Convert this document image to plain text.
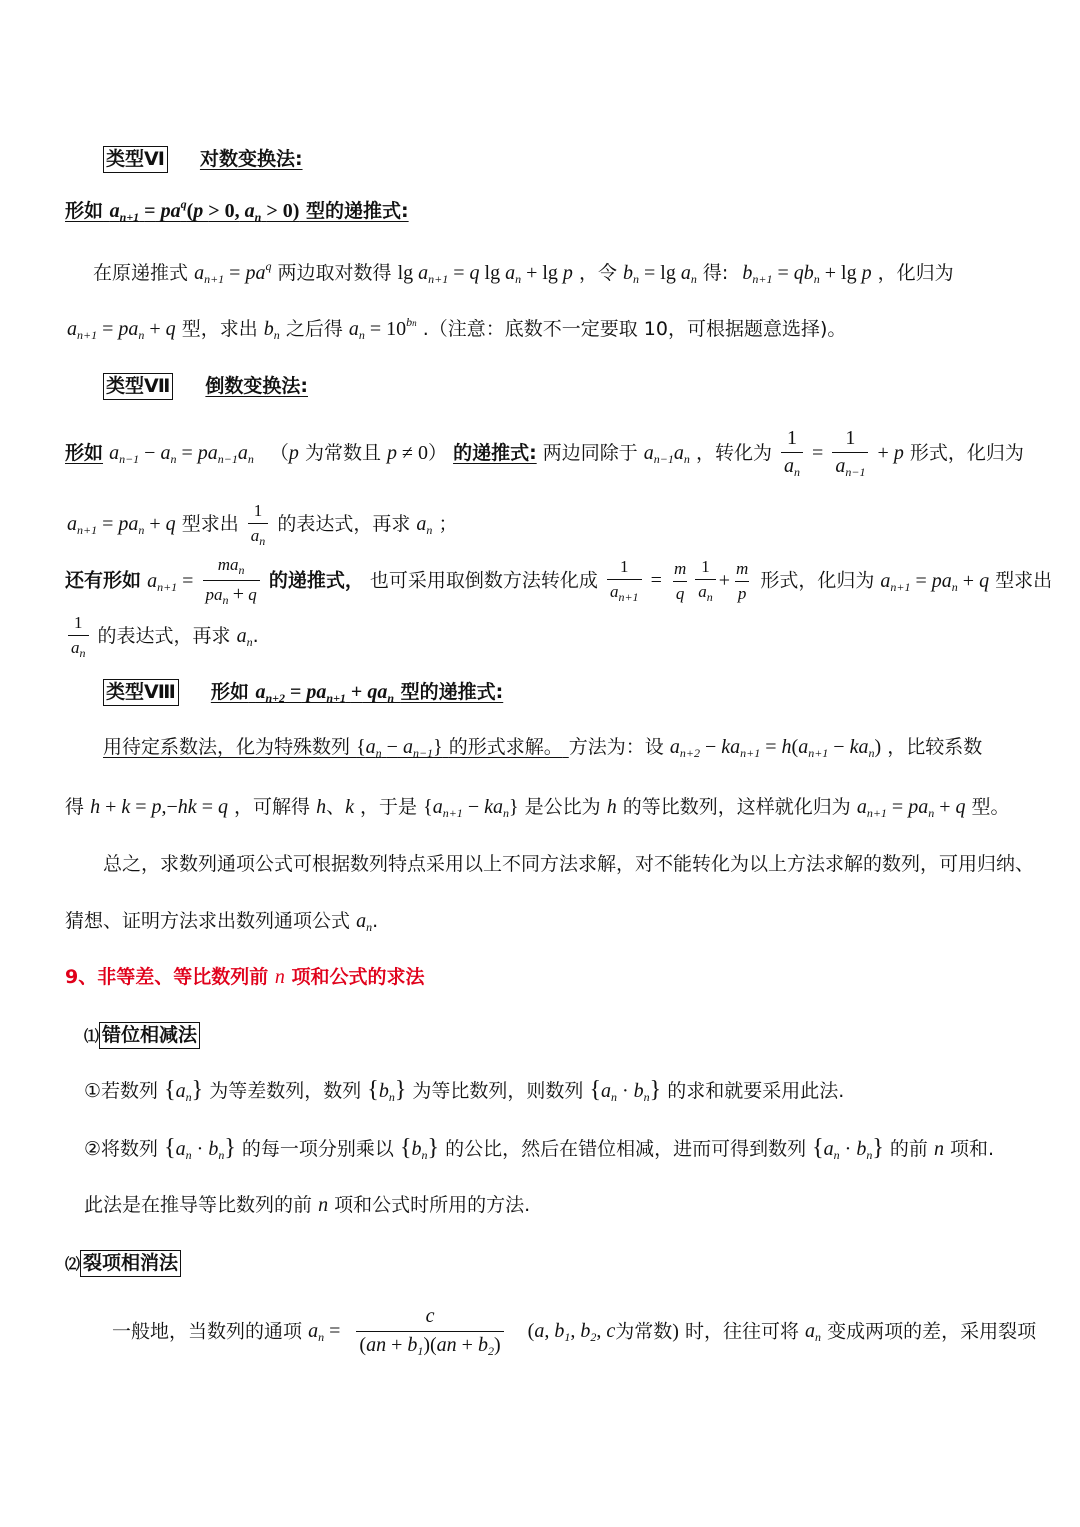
类型Ⅵ 对数变换法:
形如 $a_{n+1} = pa^q(p > 0$, $a_n > 0$) 型的递推式:
在原递推式 $a_{n+1} = pa^q$ 两边取对数得 $\lg a_{n+1} = q$ $\lg a_n + \lg p$ ，令 $b_n = \lg a_n$ 得: $b_{n+1} = qb_n + \lg p$ ，化归为
$a_{n+1} = pa_n + q$ 型，求出 $b_n$ 之后得 $a_n = 10^{bn}$ .（注意：底数不一定要取 10，可根据题意选择)。
类型Ⅶ 倒数变换法:
形如 $a_{n-1} - a_n = pa_{n-1}a_n$ （p 为常数且 p ≠ 0） 的递推式: 两边同除于 $a_{n-1}a_n$ ，转化为 $\frac{1}{a_n} = \frac{1}{a_{n-1}} + p$ 形式，化归为
$a_{n+1} = pa_n + q$ 型求出 $\frac{1}{a_n}$ 的表达式，再求 $a_n$ ；
还有形如 $a_{n+1} = \frac{ma_n}{pa_n + q}$ 的递推式， 也可采用取倒数方法转化成 $\frac{1}{a_{n+1}} = \frac{m}{q} \frac{1}{a_n} + \frac{m}{p}$ 形式，化归为 $a_{n+1} = pa_n + q$ 型求出
$\frac{1}{a_n}$ 的表达式，再求 $a_n$.
类型Ⅷ 形如 $a_{n+2} = pa_{n+1} + qa_n$ 型的递推式:
用待定系数法，化为特殊数列 $\{a_n - a_{n-1}\}$ 的形式求解。 方法为：设 $a_{n+2} - ka_{n+1} = h(a_{n+1} - ka_n)$ ，比较系数
得 h + k = p,−hk = q ，可解得 h、k ，于是 $\{a_{n+1} - ka_n\}$ 是公比为 h 的等比数列，这样就化归为 $a_{n+1} = pa_n + q$ 型。
总之，求数列通项公式可根据数列特点采用以上不同方法求解，对不能转化为以上方法求解的数列，可用归纳、
猜想、证明方法求出数列通项公式 $a_n$.
9、非等差、等比数列前 n 项和公式的求法
⑴ 错位相减法
①若数列 $\{a_n\}$ 为等差数列，数列 $\{b_n\}$ 为等比数列，则数列 $\{a_n \cdot b_n\}$ 的求和就要采用此法.
②将数列 $\{a_n \cdot b_n\}$ 的每一项分别乘以 $\{b_n\}$ 的公比，然后在错位相减，进而可得到数列 $\{a_n \cdot b_n\}$ 的前 n 项和.
此法是在推导等比数列的前 n 项和公式时所用的方法.
⑵ 裂项相消法
一般地，当数列的通项 $a_n = \frac{c}{(an + b_1)(an + b_2)} (a$, $b_1$, $b_2$, c为常数) 时，往往可将 $a_n$ 变成两项的差，采用裂项
